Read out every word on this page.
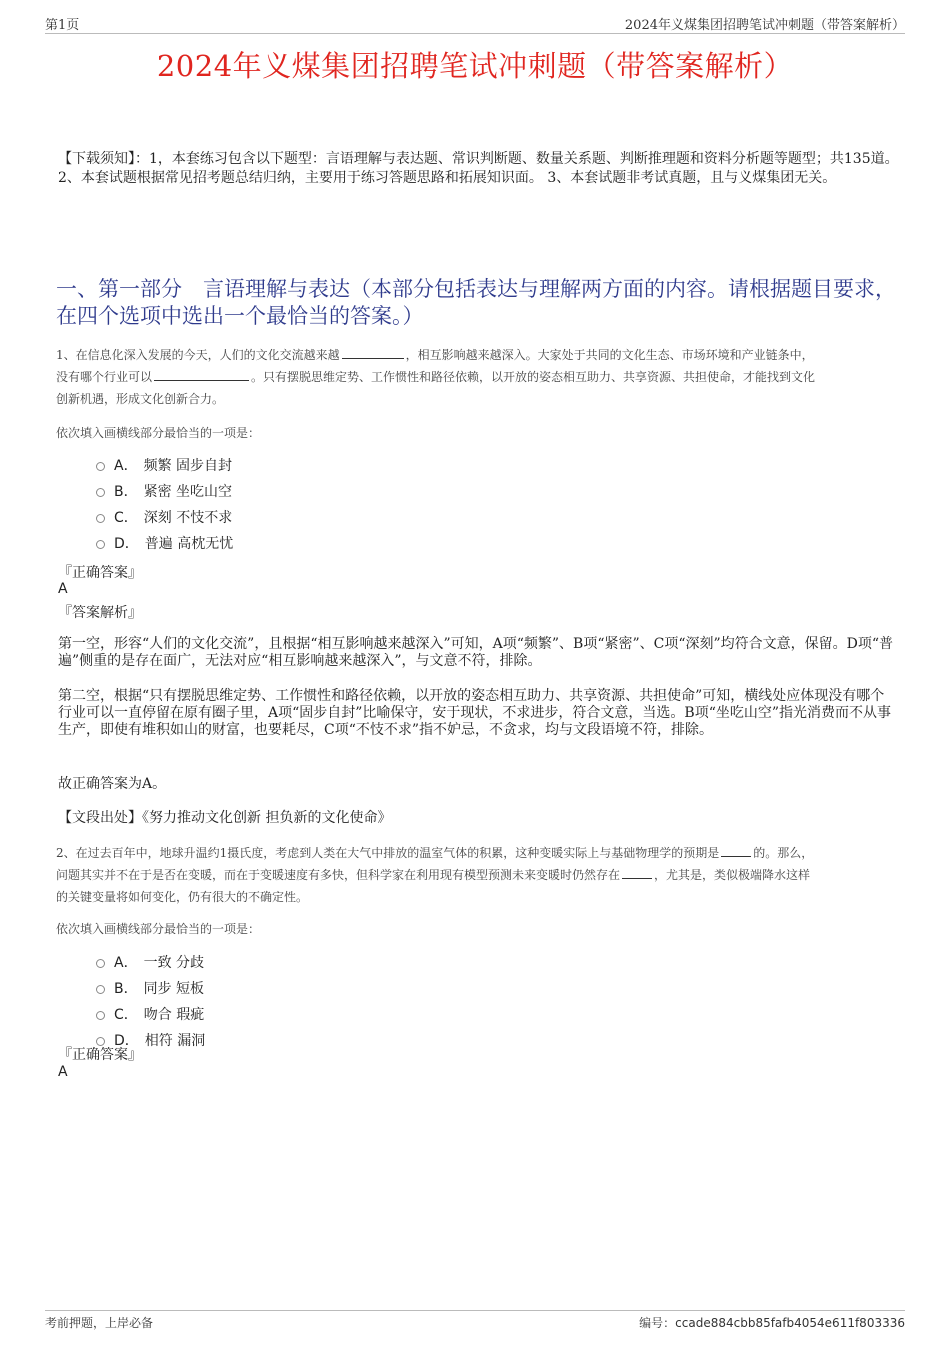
第1页	2024年义煤集团招聘笔试冲刺题（带答案解析）
2024年义煤集团招聘笔试冲刺题（带答案解析）
【下载须知】：1，本套练习包含以下题型：言语理解与表达题、常识判断题、数量关系题、判断推理题和资料分析题等题型；共135道。 2、本套试题根据常见招考题总结归纳，主要用于练习答题思路和拓展知识面。 3、本套试题非考试真题，且与义煤集团无关。
一、第一部分　言语理解与表达（本部分包括表达与理解两方面的内容。请根据题目要求，在四个选项中选出一个最恰当的答案。）
1、在信息化深入发展的今天，人们的文化交流越来越	，相互影响越来越深入。大家处于共同的文化生态、市场环境和产业链条中，
没有哪个行业可以	。只有摆脱思维定势、工作惯性和路径依赖，以开放的姿态相互助力、共享资源、共担使命，才能找到文化
创新机遇，形成文化创新合力。
依次填入画横线部分最恰当的一项是：
A． 频繁 固步自封
B． 紧密 坐吃山空
C． 深刻 不忮不求
D． 普遍 高枕无忧
『正确答案』
A
『答案解析』
第一空，形容“人们的文化交流”，且根据“相互影响越来越深入”可知，A项“频繁”、B项“紧密”、C项“深刻”均符合文意，保留。D项“普遍”侧重的是存在面广，无法对应“相互影响越来越深入”，与文意不符，排除。
第二空，根据“只有摆脱思维定势、工作惯性和路径依赖，以开放的姿态相互助力、共享资源、共担使命”可知，横线处应体现没有哪个行业可以一直停留在原有圈子里，A项“固步自封”比喻保守，安于现状，不求进步，符合文意，当选。B项“坐吃山空”指光消费而不从事生产，即使有堆积如山的财富，也要耗尽，C项“不忮不求”指不妒忌，不贪求，均与文段语境不符，排除。
故正确答案为A。
【文段出处】《努力推动文化创新 担负新的文化使命》
2、在过去百年中，地球升温约1摄氏度，考虑到人类在大气中排放的温室气体的积累，这种变暖实际上与基础物理学的预期是	的。那么，
问题其实并不在于是否在变暖，而在于变暖速度有多快，但科学家在利用现有模型预测未来变暖时仍然存在	，尤其是，类似极端降水这样
的关键变量将如何变化，仍有很大的不确定性。
依次填入画横线部分最恰当的一项是：
A． 一致 分歧
B． 同步 短板
C． 吻合 瑕疵
D． 相符 漏洞
『正确答案』
A
考前押题，上岸必备	编号：ccade884cbb85fafb4054e611f803336
